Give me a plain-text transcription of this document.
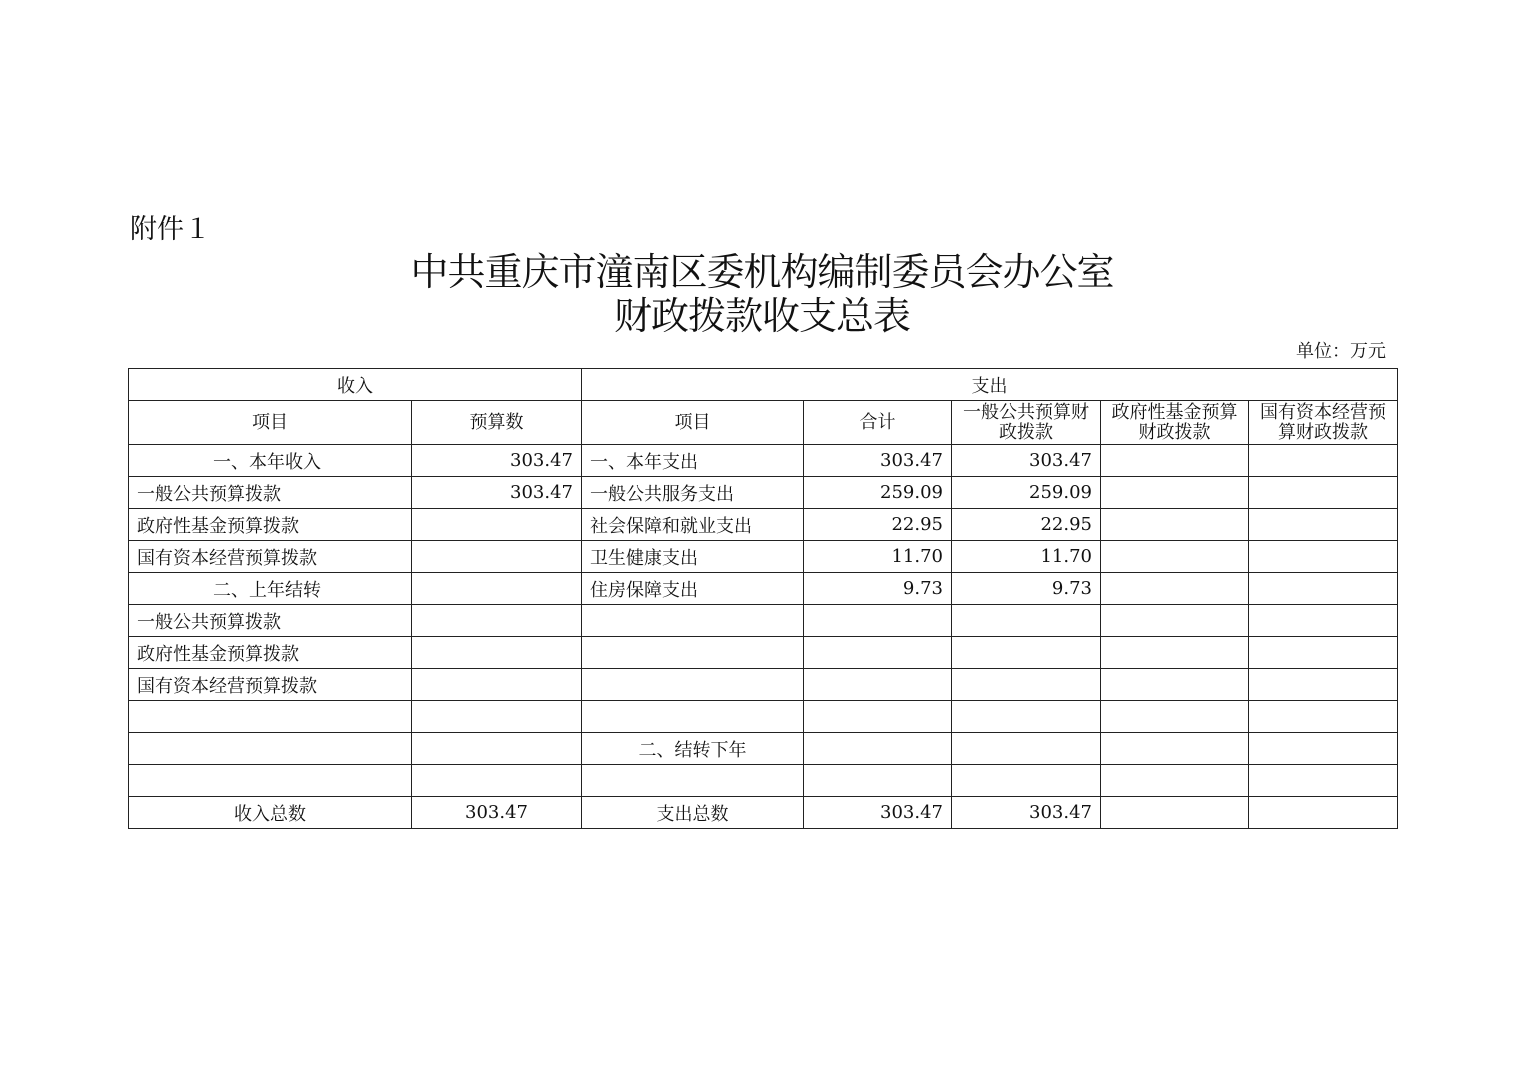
附件１
中共重庆市潼南区委机构编制委员会办公室
财政拨款收支总表
单位：万元
收入		支出				
项目	预算数	项目	合计	一般公共预算财政拨款	政府性基金预算财政拨款	国有资本经营预算财政拨款
一、本年收入	303.47	一、本年支出	303.47	303.47		
一般公共预算拨款	303.47	一般公共服务支出	259.09	259.09		
政府性基金预算拨款		社会保障和就业支出	22.95	22.95		
国有资本经营预算拨款		卫生健康支出	11.70	11.70		
二、上年结转		住房保障支出	9.73	9.73		
一般公共预算拨款						
政府性基金预算拨款						
国有资本经营预算拨款						

		二、结转下年				

收入总数	303.47	支出总数	303.47	303.47		
